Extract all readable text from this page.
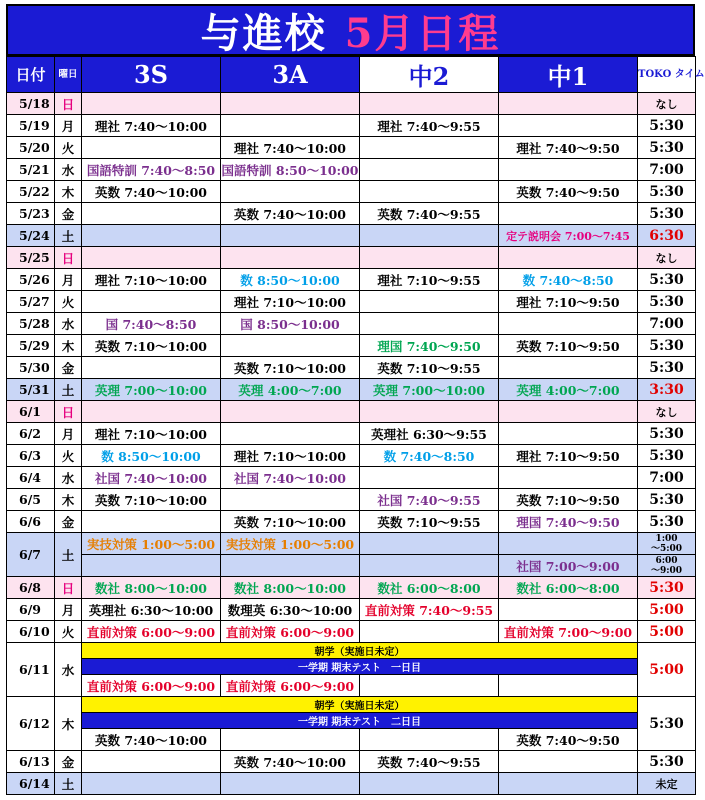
与進校 5月日程
日付	曜日	3S	3A	中2	中1	TOKO タイム
5/18	日					なし
5/19	月	理社 7:40～10:00		理社 7:40～9:55		5:30
5/20	火		理社 7:40～10:00		理社 7:40～9:50	5:30
5/21	水	国語特訓 7:40～8:50	国語特訓 8:50～10:00			7:00
5/22	木	英数 7:40～10:00			英数 7:40～9:50	5:30
5/23	金		英数 7:40～10:00	英数 7:40～9:55		5:30
5/24	土				定テ説明会 7:00～7:45	6:30
5/25	日					なし
5/26	月	理社 7:10～10:00	数 8:50～10:00	理社 7:10～9:55	数 7:40～8:50	5:30
5/27	火		理社 7:10～10:00		理社 7:10～9:50	5:30
5/28	水	国 7:40～8:50	国 8:50～10:00			7:00
5/29	木	英数 7:10～10:00		理国 7:40～9:50	英数 7:10～9:50	5:30
5/30	金		英数 7:10～10:00	英数 7:10～9:55		5:30
5/31	土	英理 7:00～10:00	英理 4:00～7:00	英理 7:00～10:00	英理 4:00～7:00	3:30
6/1	日					なし
6/2	月	理社 7:10～10:00		英理社 6:30～9:55		5:30
6/3	火	数 8:50～10:00	理社 7:10～10:00	数 7:40～8:50	理社 7:10～9:50	5:30
6/4	水	社国 7:40～10:00	社国 7:40～10:00			7:00
6/5	木	英数 7:10～10:00		社国 7:40～9:55	英数 7:10～9:50	5:30
6/6	金		英数 7:10～10:00	英数 7:10～9:55	理国 7:40～9:50	5:30
6/7	土	実技対策 1:00～5:00	実技対策 1:00～5:00			1:00
～5:00
					社国 7:00～9:00	6:00
～9:00
6/8	日	数社 8:00～10:00	数社 8:00～10:00	数社 6:00～8:00	数社 6:00～8:00	5:30
6/9	月	英理社 6:30～10:00	数理英 6:30～10:00	直前対策 7:40～9:55		5:00
6/10	火	直前対策 6:00～9:00	直前対策 6:00～9:00		直前対策 7:00～9:00	5:00
6/11	水	朝学（実施日未定）				5:00
		一学期 期末テスト　一日目				
		直前対策 6:00～9:00	直前対策 6:00～9:00			
6/12	木	朝学（実施日未定）				5:30
		一学期 期末テスト　二日目				
		英数 7:40～10:00			英数 7:40～9:50	
6/13	金		英数 7:40～10:00	英数 7:40～9:55		5:30
6/14	土					未定
